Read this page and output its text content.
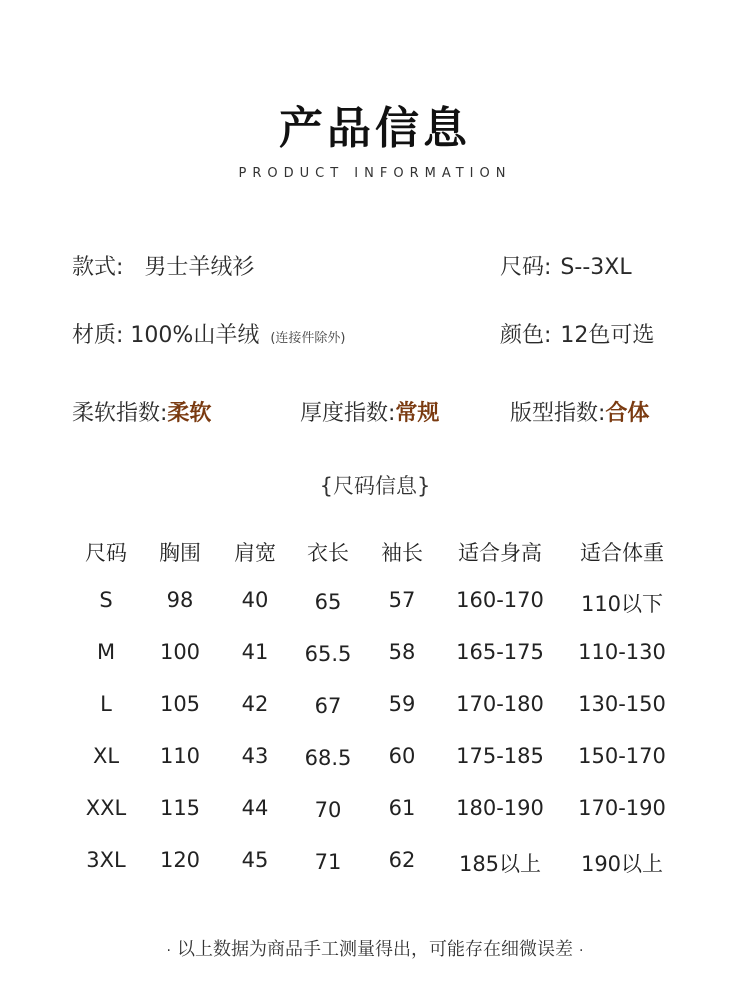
产品信息
PRODUCT INFORMATION
款式: 男士羊绒衫	尺码: S--3XL
材质: 100%山羊绒 (连接件除外)	颜色: 12色可选
柔软指数:柔软	厚度指数:常规	版型指数:合体
{尺码信息}
尺码 胸围 肩宽 衣长 袖长 适合身高 适合体重
S	98 40 65 57 160-170 110以下
M 100 41 65.5 58 165-175 110-130
L 105 42 67 59 170-180 130-150
XL 110 43 68.5 60 175-185 150-170
XXL 115 44 70 61 180-190 170-190
3XL 120 45 71 62 185以上 190以上
· 以上数据为商品手工测量得出，可能存在细微误差 ·
